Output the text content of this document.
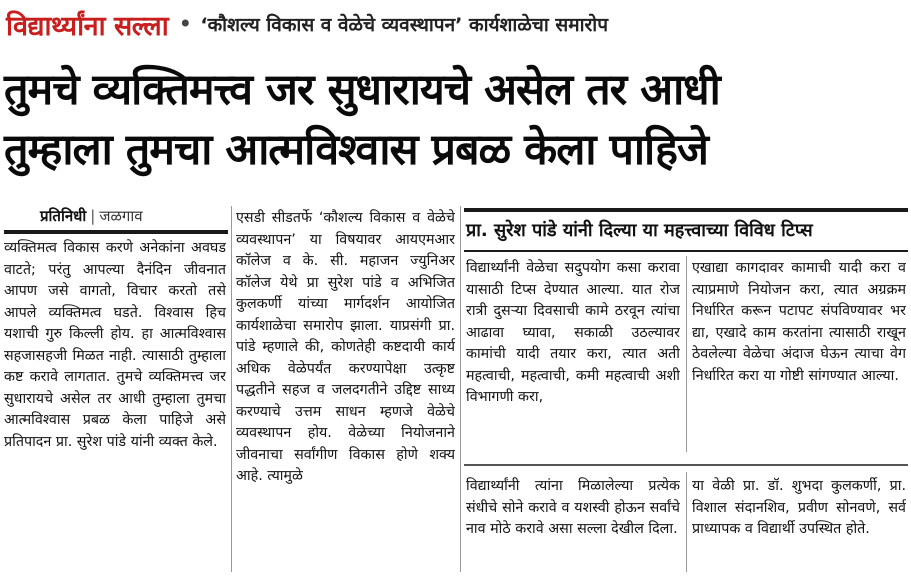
विद्यार्थ्यांना सल्ला • ‘कौशल्य विकास व वेळेचे व्यवस्थापन’ कार्यशाळेचा समारोप
तुमचे व्यक्तिमत्त्व जर सुधारायचे असेल तर आधी
तुम्हाला तुमचा आत्मविश्वास प्रबळ केला पाहिजे
प्रतिनिधी | जळगाव
प्रा. सुरेश पांडे यांनी दिल्या या महत्त्वाच्या विविध टिप्स
व्यक्तिमत्व विकास करणे अनेकांना अवघड वाटते; परंतु आपल्या दैनंदिन जीवनात आपण जसे वागतो, विचार करतो तसे आपले व्यक्तिमत्व घडते. विश्वास हिच यशाची गुरु किल्ली होय. हा आत्मविश्वास सहजासहजी मिळत नाही. त्यासाठी तुम्हाला कष्ट करावे लागतात. तुमचे व्यक्तिमत्त्व जर सुधारायचे असेल तर आधी तुम्हाला तुमचा आत्मविश्वास प्रबळ केला पाहिजे असे प्रतिपादन प्रा. सुरेश पांडे यांनी व्यक्त केले.
एसडी सीडतर्फे ‘कौशल्य विकास व वेळेचे व्यवस्थापन’ या विषयावर आयएमआर कॉलेज व के. सी. महाजन ज्युनिअर कॉलेज येथे प्रा सुरेश पांडे व अभिजित कुलकर्णी यांच्या मार्गदर्शन आयोजित कार्यशाळेचा समारोप झाला. याप्रसंगी प्रा. पांडे म्हणाले की, कोणतेही कष्टदायी कार्य अधिक वेळेपर्यंत करण्यापेक्षा उत्कृष्ट पद्धतीने सहज व जलदगतीने उद्दिष्ट साध्य करण्याचे उत्तम साधन म्हणजे वेळेचे व्यवस्थापन होय. वेळेच्या नियोजनाने जीवनाचा सर्वांगीण विकास होणे शक्य आहे. त्यामुळे
विद्यार्थ्यांनी वेळेचा सदुपयोग कसा करावा यासाठी टिप्स देण्यात आल्या. यात रोज रात्री दुसऱ्या दिवसाची कामे ठरवून त्यांचा आढावा घ्यावा, सकाळी उठल्यावर कामांची यादी तयार करा, त्यात अती महत्वाची, महत्वाची, कमी महत्वाची अशी विभागणी करा,
एखाद्या कागदावर कामाची यादी करा व त्याप्रमाणे नियोजन करा, त्यात अग्रक्रम निर्धारित करून पटापट संपविण्यावर भर द्या, एखादे काम करतांना त्यासाठी राखून ठेवलेल्या वेळेचा अंदाज घेऊन त्याचा वेग निर्धारित करा या गोष्टी सांगण्यात आल्या.
विद्यार्थ्यांनी त्यांना मिळालेल्या प्रत्येक संधीचे सोने करावे व यशस्वी होऊन सर्वांचे नाव मोठे करावे असा सल्ला देखील दिला.
या वेळी प्रा. डॉ. शुभदा कुलकर्णी, प्रा. विशाल संदानशिव, प्रवीण सोनवणे, सर्व प्राध्यापक व विद्यार्थी उपस्थित होते.
